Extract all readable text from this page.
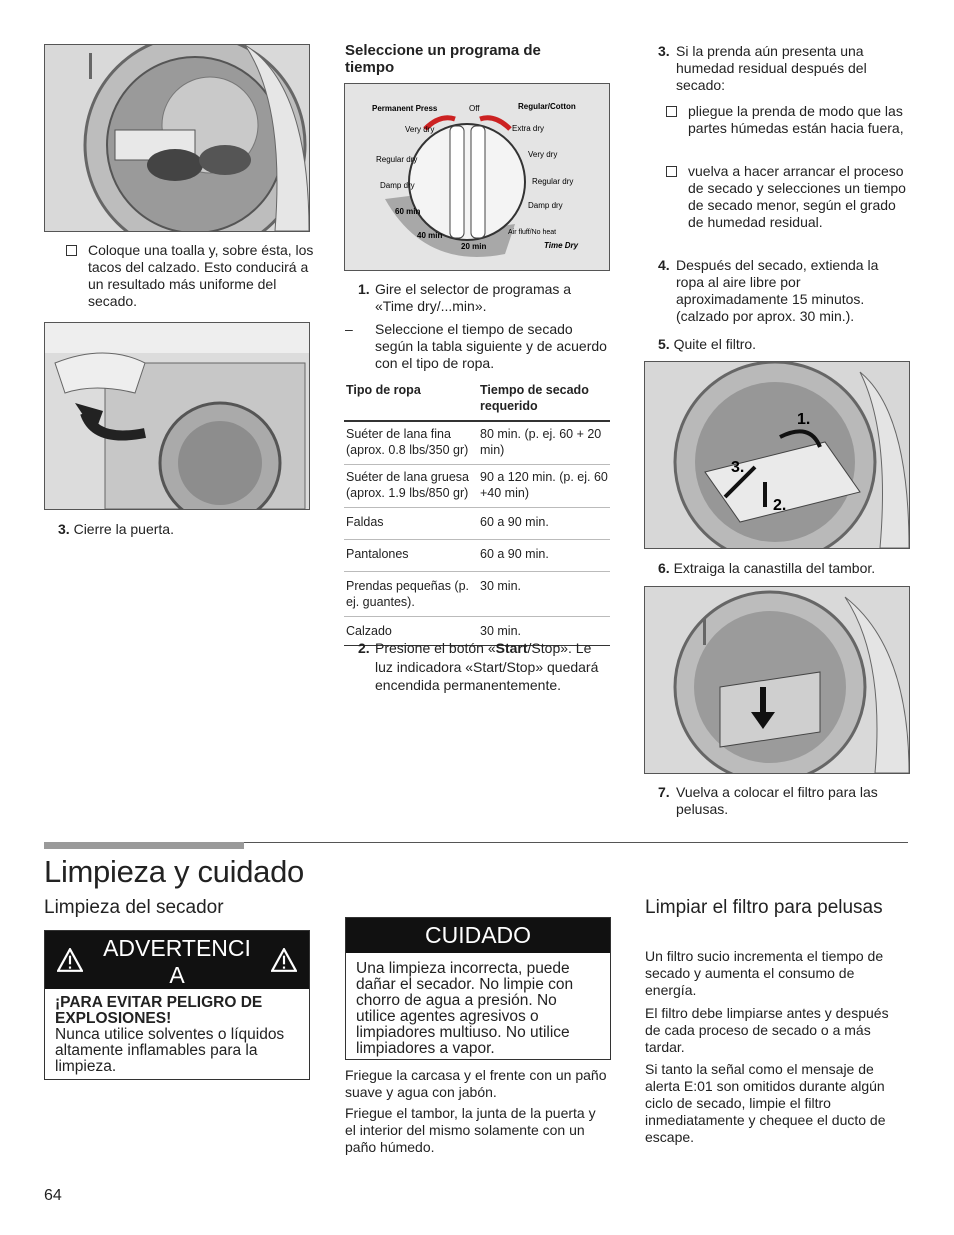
Coloque una toalla y, sobre ésta, los tacos del calzado. Esto conducirá a un resultado más uniforme del secado.
3. Cierre la puerta.
Seleccione un programa de tiempo
Permanent Press	Off	Regular/Cotton
Very dry
Regular dry
Damp dry
Extra dry
Very dry
Regular dry
Damp dry
60 min
40 min
20 min
Air fluff/No heat
Time Dry
1. Gire el selector de programas a «Time dry/...min».
– Seleccione el tiempo de secado según la tabla siguiente y de acuerdo con el tipo de ropa.
Tipo de ropa	Tiempo de secado requerido
Suéter de lana fina (aprox. 0.8 lbs/350 gr)	80 min. (p. ej. 60 + 20 min)
Suéter de lana gruesa (aprox. 1.9 lbs/850 gr)	90 a 120 min. (p. ej. 60 +40 min)
Faldas	60 a 90 min.
Pantalones	60 a 90 min.
Prendas pequeñas (p. ej. guantes).	30 min.
Calzado	30 min.
2. Presione el botón «Start/Stop». Le luz indicadora «Start/Stop» quedará encendida permanentemente.
3. Si la prenda aún presenta una humedad residual después del secado:
pliegue la prenda de modo que las partes húmedas están hacia fuera,
vuelva a hacer arrancar el proceso de secado y selecciones un tiempo de secado menor, según el grado de humedad residual.
4. Después del secado, extienda la ropa al aire libre por aproximadamente 15 minutos. (calzado por aprox. 30 min.).
5. Quite el filtro.
1.
2.
3.
6. Extraiga la canastilla del tambor.
7. Vuelva a colocar el filtro para las pelusas.
Limpieza y cuidado
Limpieza del secador
ADVERTENCIA
¡PARA EVITAR PELIGRO DE EXPLOSIONES!
Nunca utilice solventes o líquidos altamente inflamables para la limpieza.
CUIDADO
Una limpieza incorrecta, puede dañar el secador. No limpie con chorro de agua a presión. No utilice agentes agresivos o limpiadores multiuso. No utilice limpiadores a vapor.
Friegue la carcasa y el frente con un paño suave y agua con jabón.
Friegue el tambor, la junta de la puerta y el interior del mismo solamente con un paño húmedo.
Limpiar el filtro para pelusas
Un filtro sucio incrementa el tiempo de secado y aumenta el consumo de energía.
El filtro debe limpiarse antes y después de cada proceso de secado o a más tardar.
Si tanto la señal como el mensaje de alerta E:01 son omitidos durante algún ciclo de secado, limpie el filtro inmediatamente y chequee el ducto de escape.
64
